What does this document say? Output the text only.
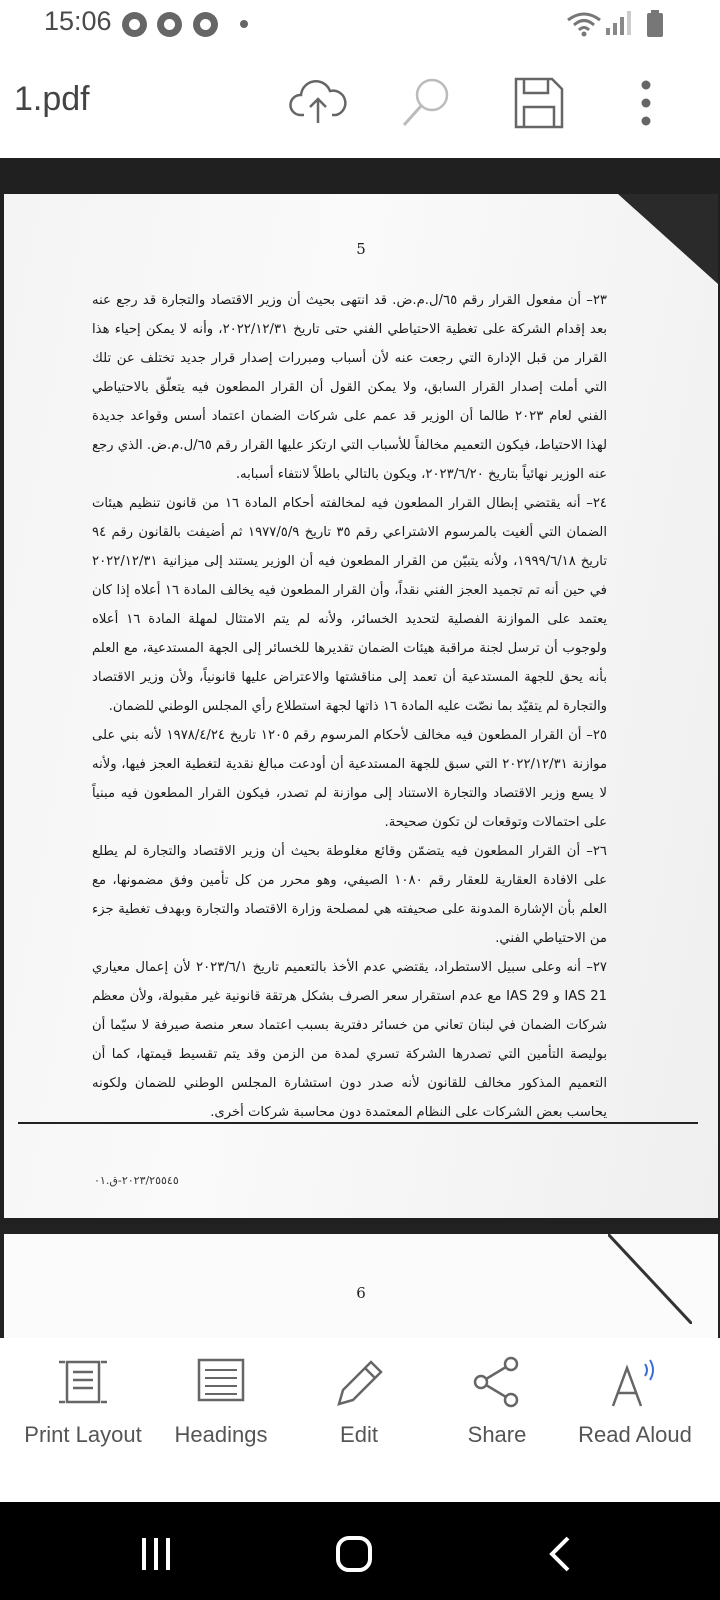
15:06
1.pdf
5

٢٣– أن مفعول القرار رقم ٦٥/ل.م.ض. قد انتهى بحيث أن وزير الاقتصاد والتجارة قد رجع عنه بعد إقدام الشركة على تغطية الاحتياطي الفني حتى تاريخ ٢٠٢٢/١٢/٣١، وأنه لا يمكن إحياء هذا القرار من قبل الإدارة التي رجعت عنه لأن أسباب ومبررات إصدار قرار جديد تختلف عن تلك التي أملت إصدار القرار السابق، ولا يمكن القول أن القرار المطعون فيه يتعلّق بالاحتياطي الفني لعام ٢٠٢٣ طالما أن الوزير قد عمم على شركات الضمان اعتماد أسس وقواعد جديدة لهذا الاحتياط، فيكون التعميم مخالفاً للأسباب التي ارتكز عليها القرار رقم ٦٥/ل.م.ض. الذي رجع عنه الوزير نهائياً بتاريخ ٢٠٢٣/٦/٢٠، ويكون بالتالي باطلاً لانتفاء أسبابه.

٢٤– أنه يقتضي إبطال القرار المطعون فيه لمخالفته أحكام المادة ١٦ من قانون تنظيم هيئات الضمان التي ألغيت بالمرسوم الاشتراعي رقم ٣٥ تاريخ ١٩٧٧/٥/٩ ثم أضيفت بالقانون رقم ٩٤ تاريخ ١٩٩٩/٦/١٨، ولأنه يتبيّن من القرار المطعون فيه أن الوزير يستند إلى ميزانية ٢٠٢٢/١٢/٣١ في حين أنه تم تجميد العجز الفني نقداً، وأن القرار المطعون فيه يخالف المادة ١٦ أعلاه إذا كان يعتمد على الموازنة الفصلية لتحديد الخسائر، ولأنه لم يتم الامتثال لمهلة المادة ١٦ أعلاه ولوجوب أن ترسل لجنة مراقبة هيئات الضمان تقديرها للخسائر إلى الجهة المستدعية، مع العلم بأنه يحق للجهة المستدعية أن تعمد إلى مناقشتها والاعتراض عليها قانونياً، ولأن وزير الاقتصاد والتجارة لم يتقيّد بما نصّت عليه المادة ١٦ ذاتها لجهة استطلاع رأي المجلس الوطني للضمان.

٢٥– أن القرار المطعون فيه مخالف لأحكام المرسوم رقم ١٢٠٥ تاريخ ١٩٧٨/٤/٢٤ لأنه بني على موازنة ٢٠٢٢/١٢/٣١ التي سبق للجهة المستدعية أن أودعت مبالغ نقدية لتغطية العجز فيها، ولأنه لا يسع وزير الاقتصاد والتجارة الاستناد إلى موازنة لم تصدر، فيكون القرار المطعون فيه مبنياً على احتمالات وتوقعات لن تكون صحيحة.

٢٦– أن القرار المطعون فيه يتضمّن وقائع مغلوطة بحيث أن وزير الاقتصاد والتجارة لم يطلع على الافادة العقارية للعقار رقم ١٠٨٠ الصيفي، وهو محرر من كل تأمين وفق مضمونها، مع العلم بأن الإشارة المدونة على صحيفته هي لمصلحة وزارة الاقتصاد والتجارة وبهدف تغطية جزء من الاحتياطي الفني.

٢٧– أنه وعلى سبيل الاستطراد، يقتضي عدم الأخذ بالتعميم تاريخ ٢٠٢٣/٦/١ لأن إعمال معياري IAS 21 و IAS 29 مع عدم استقرار سعر الصرف بشكل هرتقة قانونية غير مقبولة، ولأن معظم شركات الضمان في لبنان تعاني من خسائر دفترية بسبب اعتماد سعر منصة صيرفة لا سيّما أن بوليصة التأمين التي تصدرها الشركة تسري لمدة من الزمن وقد يتم تقسيط قيمتها، كما أن التعميم المذكور مخالف للقانون لأنه صدر دون استشارة المجلس الوطني للضمان ولكونه يحاسب بعض الشركات على النظام المعتمدة دون محاسبة شركات أخرى.

٢٠٢٣/٢٥٥٤٥-ق.٠١
6
Print Layout	Headings	Edit	Share	Read Aloud
